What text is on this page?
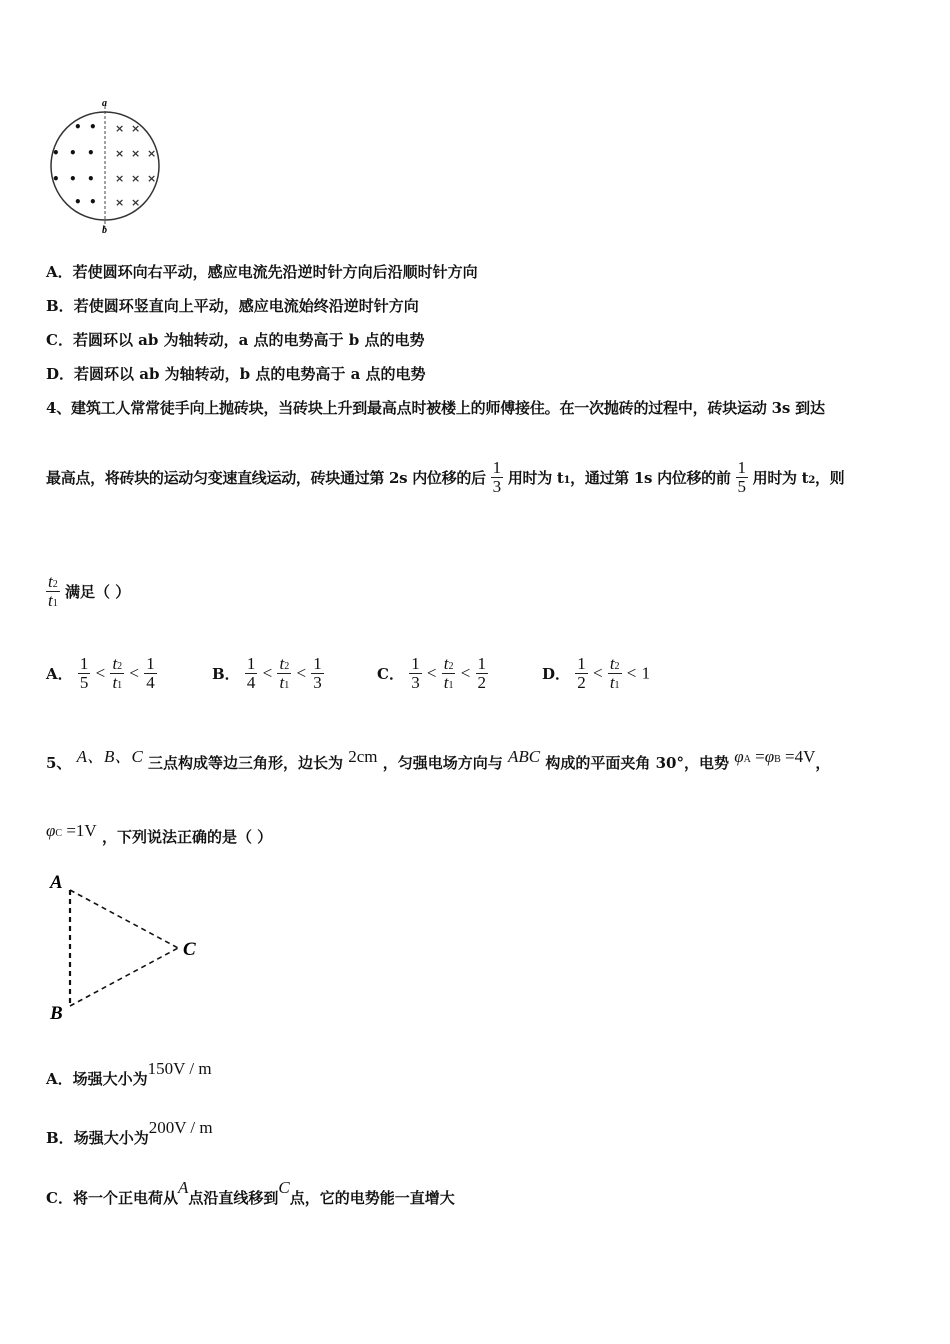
a
b
• •
• • •
• • •
• •
× ×
× × ×
× × ×
× ×
A．若使圆环向右平动，感应电流先沿逆时针方向后沿顺时针方向
B．若使圆环竖直向上平动，感应电流始终沿逆时针方向
C．若圆环以 ab 为轴转动，a 点的电势高于 b 点的电势
D．若圆环以 ab 为轴转动，b 点的电势高于 a 点的电势
4、建筑工人常常徒手向上抛砖块，当砖块上升到最高点时被楼上的师傅接住。在一次抛砖的过程中，砖块运动 3s 到达
最高点，将砖块的运动匀变速直线运动，砖块通过第 2s 内位移的后 $\frac{1}{3}$ 用时为 t1，通过第 1s 内位移的前 $\frac{1}{5}$ 用时为 t2，则
$\frac{t2}{t1}$ 满足（ ）
A． $\frac{1}{5} < \frac{t2}{t1} < \frac{1}{4}$	B． $\frac{1}{4} < \frac{t2}{t1} < \frac{1}{3}$	C． $\frac{1}{3} < \frac{t2}{t1} < \frac{1}{2}$	D． $\frac{1}{2} < \frac{t2}{t1} < 1$
5、 A、B、C 三点构成等边三角形，边长为 2cm ，匀强电场方向与 ABC 构成的平面夹角 30°，电势 φA =φB =4V，
φC =1V ，下列说法正确的是（ ）
A
B
C
A．场强大小为150V / m
B．场强大小为200V / m
C．将一个正电荷从A点沿直线移到C点，它的电势能一直增大
